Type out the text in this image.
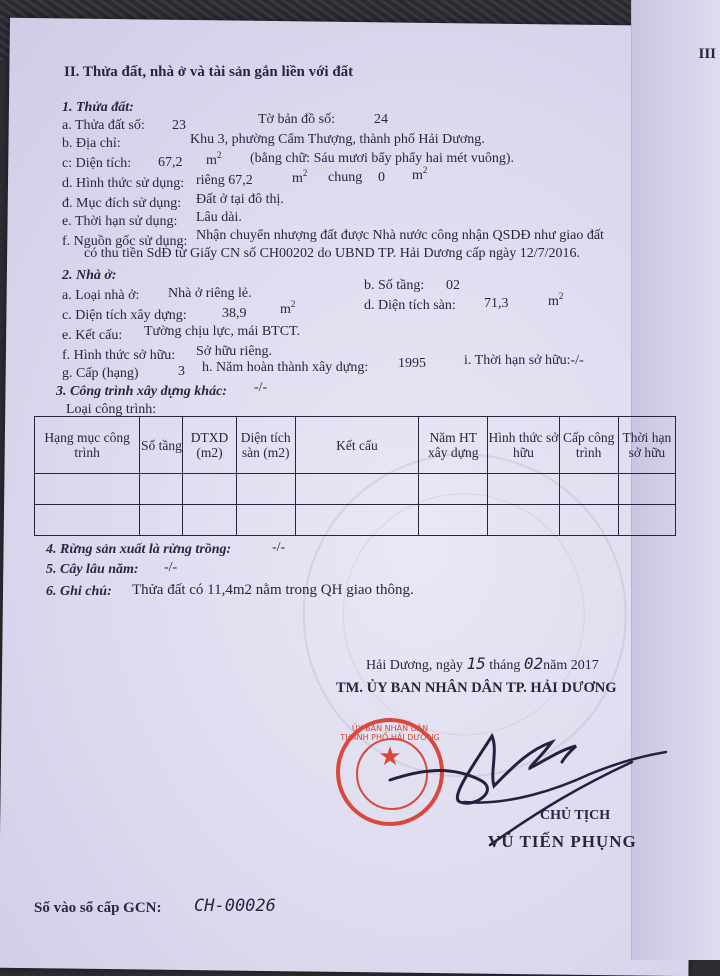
III
II. Thửa đất, nhà ở và tài sản gắn liền với đất
1. Thửa đất:
a. Thửa đất số: 23	Tờ bản đồ số:	24
b. Địa chỉ:	Khu 3, phường Cẩm Thượng, thành phố Hải Dương.
c: Diện tích: 67,2 $m^2$ (bằng chữ: Sáu mươi bẩy phẩy hai mét vuông).
d. Hình thức sử dụng: riêng 67,2	$m^2$ chung 0 $m^2$
đ. Mục đích sử dụng: Đất ở tại đô thị.
e. Thời hạn sử dụng: Lâu dài.
f. Nguồn gốc sử dụng: Nhận chuyển nhượng đất được Nhà nước công nhận QSDĐ như giao đất
có thu tiền SdĐ từ Giấy CN số CH00202 do UBND TP. Hải Dương cấp ngày 12/7/2016.
2. Nhà ở:
a. Loại nhà ở: Nhà ở riêng lẻ.
b. Số tầng: 02
c. Diện tích xây dựng:	38,9 $m^2$	d. Diện tích sàn: 71,3	$m^2$
e. Kết cấu: Tường chịu lực, mái BTCT.
f. Hình thức sở hữu: Sở hữu riêng.
g. Cấp (hạng)	3 h. Năm hoàn thành xây dựng: 1995	i. Thời hạn sở hữu:-/-
3. Công trình xây dựng khác: -/-
Loại công trình:
Hạng mục công trình	Số tầng	DTXD (m2)	Diện tích sàn (m2)	Kết cấu	Năm HT xây dựng	Hình thức sở hữu	Cấp công trình	Thời hạn sở hữu

4. Rừng sản xuất là rừng trồng:	-/-
5. Cây lâu năm: -/-
6. Ghi chú: Thửa đất có 11,4m2 nằm trong QH giao thông.
Hải Dương, ngày 15 tháng 02năm 2017
TM. ỦY BAN NHÂN DÂN TP. HẢI DƯƠNG
ỦY BAN NHÂN DÂN THÀNH PHỐ HẢI DƯƠNG
★
CHỦ TỊCH
VŨ TIẾN PHỤNG
Số vào sổ cấp GCN: CH-00026
